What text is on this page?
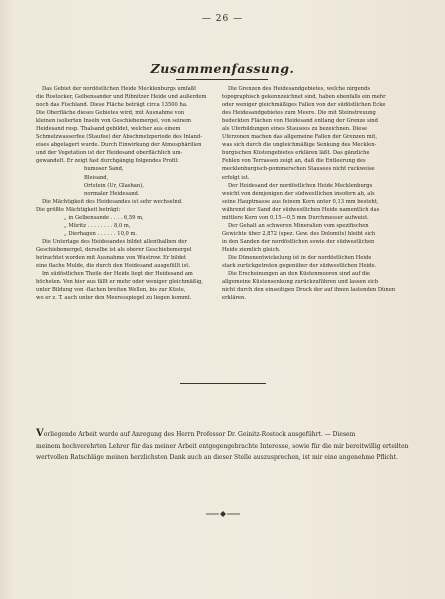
— 26 —
Zusammenfassung.
Das Gebiet der nordöstlichen Heide Mecklenburgs umfaßt
die Rostocker, Gelbensander und Ribnitzer Heide und außerdem
noch das Fischland. Diese Fläche beträgt circa 13500 ha.
Die Oberfläche dieses Gebietes wird, mit Ausnahme von
kleinen isolierten Inseln von Geschiebemergel, von seinem
Heidesand resp. Thalsand gebildet, welcher aus einem
Schmelzwasserfee (Staufee) der Abschmelzperiode des Inland-
eises abgelagert wurde. Durch Einwirkung der Atmosphärilien
und der Vegetation ist der Heidesand oberflächlich um-
gewandelt. Er zeigt fast durchgängig folgendes Profil:
humoser Sand,
Bleisand,
Ortstein (Ur, Glashan),
normaler Heidesand.
Die Mächtigkeit des Heidesandes ist sehr wechselnd.
Die größte Mächtigkeit beträgt:
„ in Gelbensande . . . . 6,59 m,
„ Müritz . . . . . . . . 8,0 m,
„ Dierhagen . . . . . . 10,0 m.
Die Unterlage des Heidesandes bildet allenthalben der
Geschiebemergel, derselbe ist als oberer Geschiebemergel
betrachtet worden mit Ausnahme von Wustrow. Er bildet
eine flache Mulde, die durch den Heidesand ausgefüllt ist.
Im südöstlichen Theile der Heide liegt der Heidesand am
höchsten. Von hier aus fällt er mehr oder weniger gleichmäßig,
unter Bildung von -flachen breiten Wellen, bis zur Küste,
wo er z. T. auch unter den Meeresspiegel zu liegen kommt.
Die Grenzen des Heidesandgebietes, welche nirgends
topographisch gekennzeichnet sind, haben ebenfalls ein mehr
oder weniger gleichmäßiges Fallen von der südöstlichen Ecke
des Heidesandgebietes zum Meere. Die mit Steinstreuung
bedeckten Flächen von Heidesand entlang der Grenze sind
als Uferbildungen eines Stausees zu bezeichnen. Diese
Uferzonen machen das allgemeine Fallen der Grenzen mit,
was sich durch die ungleichmäßige Senkung des Mecklen-
burgischen Küstengebietes erklären läßt. Das gänzliche
Fehlen von Terrassen zeigt an, daß die Entleerung des
mecklenburgisch-pommerschen Stausees nicht ruckweise
erfolgt ist.
Der Heidesand der nordöstlichen Heide Mecklenburgs
weicht von demjenigen der südwestlichen insofern ab, als
seine Hauptmasse aus feinem Korn unter 0,13 mm besteht,
während der Sand der südwestlichen Heide namentlich das
mittlere Korn von 0,15—0,5 mm Durchmesser aufweist.
Der Gehalt an schweren Mineralien vom spezifischen
Gewichte über 2,872 (spez. Gew. des Dolomits) bleibt sich
in den Sanden der nordöstlichen sowie der südwestlichen
Heide ziemlich gleich.
Die Dünenentwickelung ist in der nordöstlichen Heide
stark zurückgetreten gegenüber der südwestlichen Heide.
Die Erscheinungen an den Küstenmooren sind auf die
allgemeine Küstensenkung zurückzuführen und lassen sich
nicht durch den einseitigen Druck der auf ihnen lastenden Dünen
erklären.
Vorliegende Arbeit wurde auf Anregung des Herrn Professor Dr. Geinitz-Rostock ausgeführt. — Diesem
meinem hochverehrten Lehrer für das meiner Arbeit entgegengebrachte Interesse, sowie für die mir bereitwillig erteilten
wertvollen Ratschläge meinen herzlichsten Dank auch an dieser Stelle auszusprechen, ist mir eine angenehme Pflicht.
